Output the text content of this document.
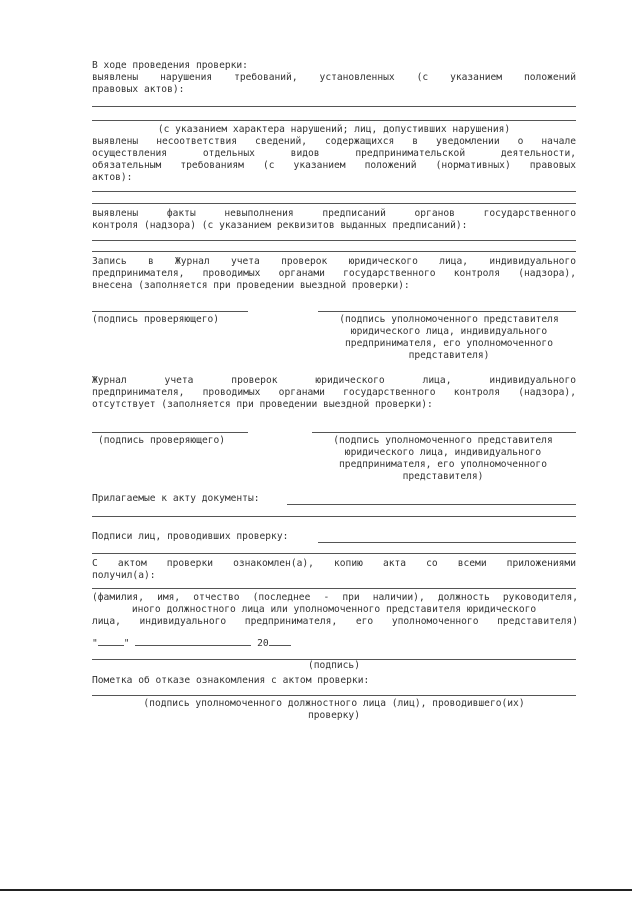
В ходе проведения проверки:
выявлены нарушения требований, установленных (с указанием положений
правовых актов):
(с указанием характера нарушений; лиц, допустивших нарушения)
выявлены несоответствия сведений, содержащихся в уведомлении о начале
осуществления отдельных видов предпринимательской деятельности,
обязательным требованиям (с указанием положений (нормативных) правовых
актов):
выявлены факты невыполнения предписаний органов государственного
контроля (надзора) (с указанием реквизитов выданных предписаний):
Запись в Журнал учета проверок юридического лица, индивидуального
предпринимателя, проводимых органами государственного контроля (надзора),
внесена (заполняется при проведении выездной проверки):
(подпись проверяющего)	(подпись уполномоченного представителя
юридического лица, индивидуального
предпринимателя, его уполномоченного
представителя)
Журнал учета проверок юридического лица, индивидуального
предпринимателя, проводимых органами государственного контроля (надзора),
отсутствует (заполняется при проведении выездной проверки):
(подпись проверяющего)	(подпись уполномоченного представителя
юридического лица, индивидуального
предпринимателя, его уполномоченного
представителя)
Прилагаемые к акту документы:
Подписи лиц, проводивших проверку:
С актом проверки ознакомлен(а), копию акта со всеми приложениями
получил(а):
(фамилия, имя, отчество (последнее - при наличии), должность руководителя,
иного должностного лица или уполномоченного представителя юридического
лица, индивидуального предпринимателя, его уполномоченного представителя)
"	"	20
(подпись)
Пометка об отказе ознакомления с актом проверки:
(подпись уполномоченного должностного лица (лиц), проводившего(их)
проверку)
